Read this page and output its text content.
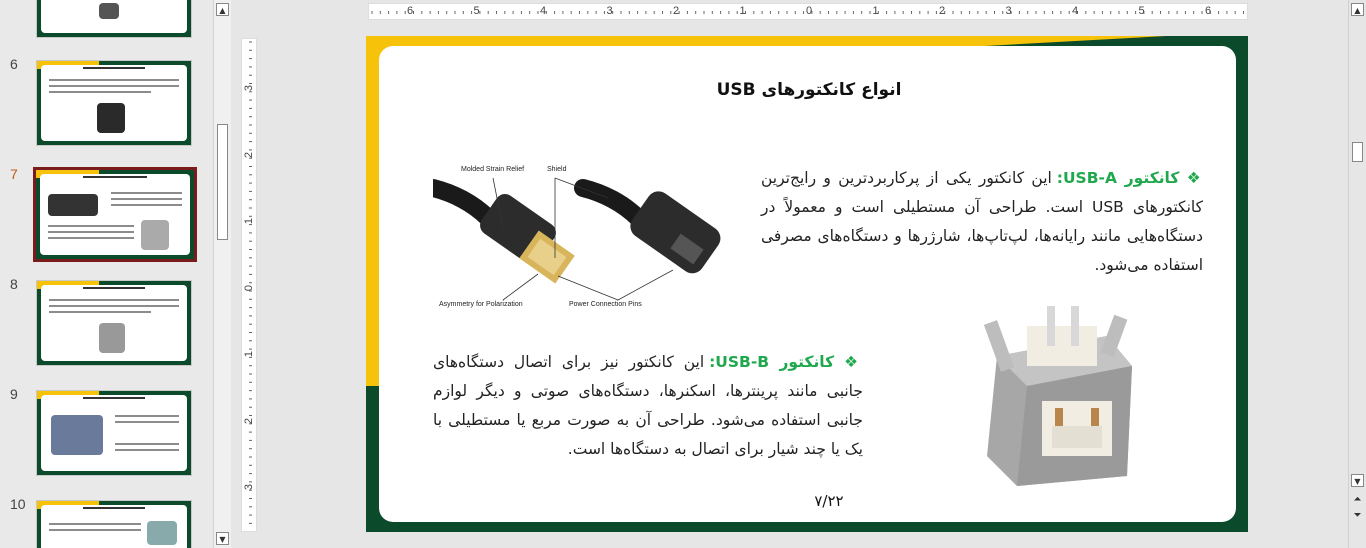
6
7
8
9
10
▲
▼
6	5	4	3	2	1	0	1	2	3	4	5	6
3
2
1
0
1
2
3
انواع کانکتورهای USB
Molded Strain Relief	Shield
Asymmetry for Polarization	Power Connection Pins
❖ کانکتور USB-A: این کانکتور یکی از پرکاربردترین و رایج‌ترین کانکتورهای USB است. طراحی آن مستطیلی است و معمولاً در دستگاه‌هایی مانند رایانه‌ها، لپ‌تاپ‌ها، شارژرها و دستگاه‌های مصرفی استفاده می‌شود.
❖ کانکتور USB-B: این کانکتور نیز برای اتصال دستگاه‌های جانبی مانند پرینترها، اسکنرها، دستگاه‌های صوتی و دیگر لوازم جانبی استفاده می‌شود. طراحی آن به صورت مربع یا مستطیلی با یک یا چند شیار برای اتصال به دستگاه‌ها است.
۷/۲۲
▲
▼
⏶
⏷
